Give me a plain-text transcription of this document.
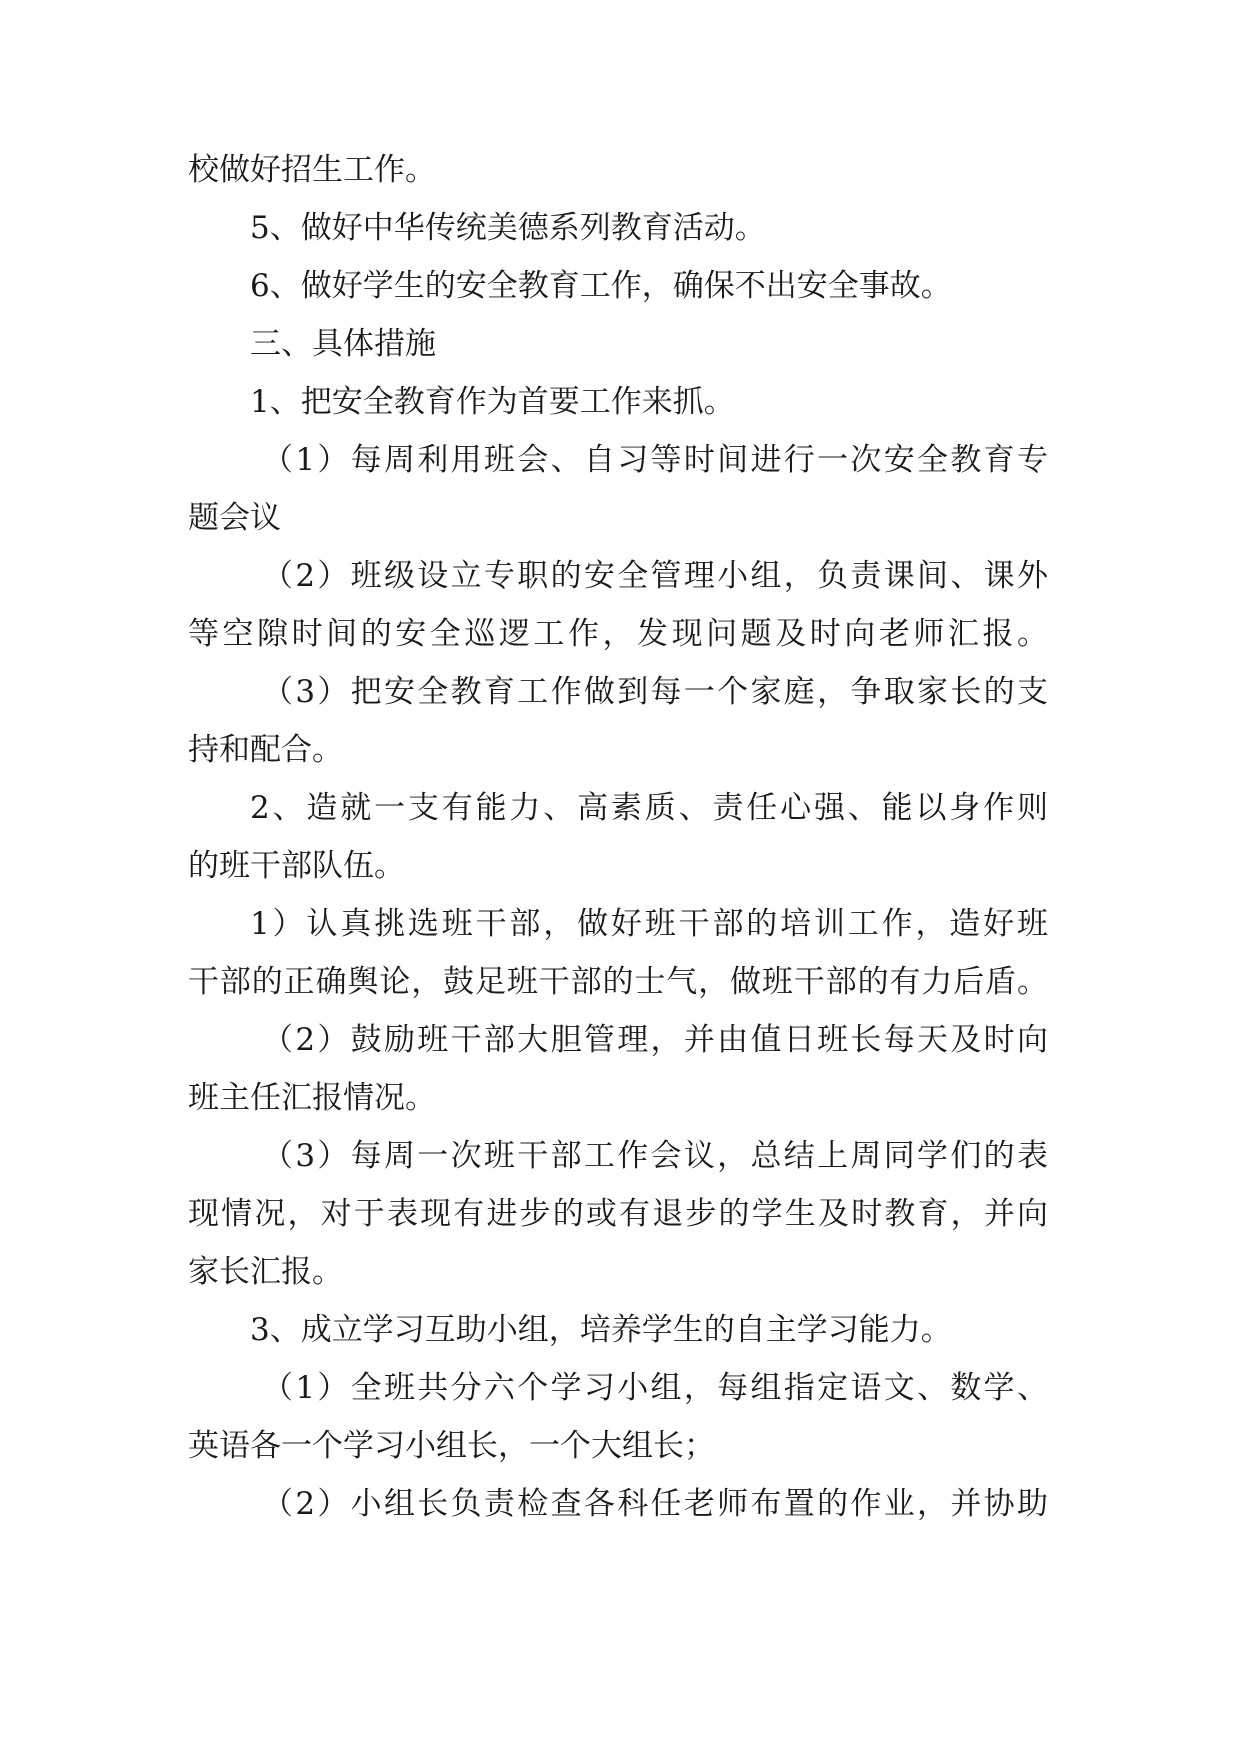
校做好招生工作。
5、做好中华传统美德系列教育活动。
6、做好学生的安全教育工作，确保不出安全事故。
三、具体措施
1、把安全教育作为首要工作来抓。
（1）每周利用班会、自习等时间进行一次安全教育专
题会议
（2）班级设立专职的安全管理小组，负责课间、课外
等空隙时间的安全巡逻工作，发现问题及时向老师汇报。
（3）把安全教育工作做到每一个家庭，争取家长的支
持和配合。
2、造就一支有能力、高素质、责任心强、能以身作则
的班干部队伍。
1）认真挑选班干部，做好班干部的培训工作，造好班
干部的正确舆论，鼓足班干部的士气，做班干部的有力后盾。
（2）鼓励班干部大胆管理，并由值日班长每天及时向
班主任汇报情况。
（3）每周一次班干部工作会议，总结上周同学们的表
现情况，对于表现有进步的或有退步的学生及时教育，并向
家长汇报。
3、成立学习互助小组，培养学生的自主学习能力。
（1）全班共分六个学习小组，每组指定语文、数学、
英语各一个学习小组长，一个大组长；
（2）小组长负责检查各科任老师布置的作业，并协助
